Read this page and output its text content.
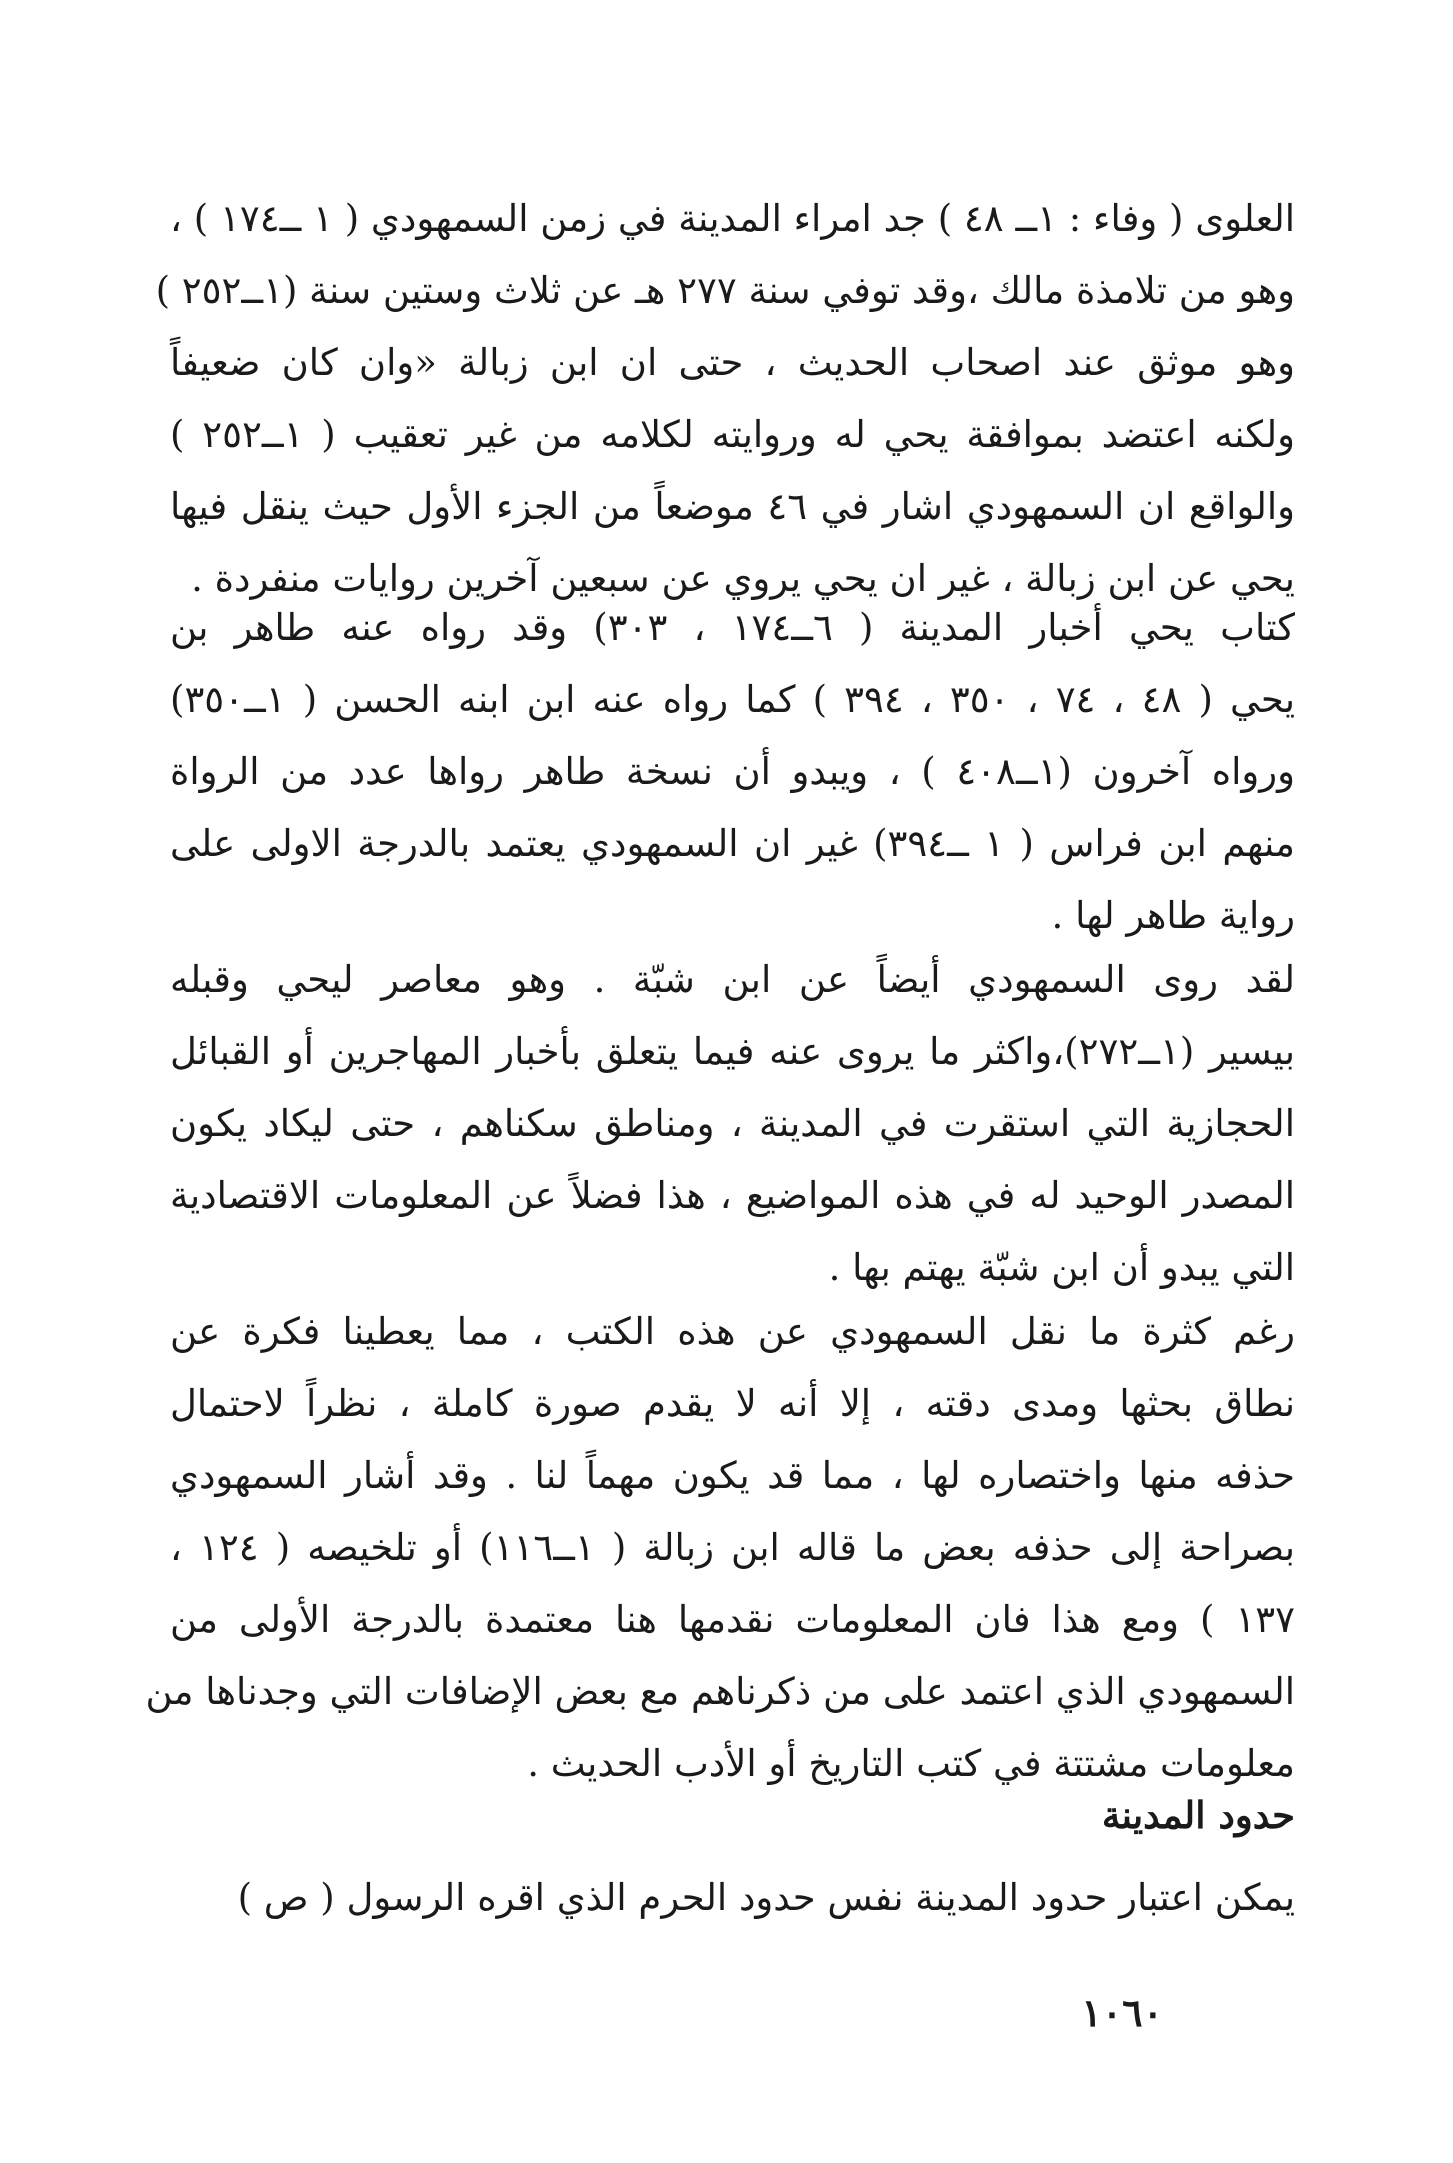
العلوى ( وفاء : ١ــ ٤٨ ) جد امراء المدينة في زمن السمهودي ( ١ ــ١٧٤ ) ،
وهو من تلامذة مالك ،وقد توفي سنة ٢٧٧ هـ عن ثلاث وستين سنة (١ــ٢٥٢ )
وهو موثق عند اصحاب الحديث ، حتى ان ابن زبالة «وان كان ضعيفاً
ولكنه اعتضد بموافقة يحي له وروايته لكلامه من غير تعقيب ( ١ــ٢٥٢ )
والواقع ان السمهودي اشار في ٤٦ موضعاً من الجزء الأول حيث ينقل فيها
يحي عن ابن زبالة ، غير ان يحي يروي عن سبعين آخرين روايات منفردة .
كتاب يحي أخبار المدينة ( ٦ــ١٧٤ ، ٣٠٣) وقد رواه عنه طاهر بن
يحي ( ٤٨ ، ٧٤ ، ٣٥٠ ، ٣٩٤ ) كما رواه عنه ابن ابنه الحسن ( ١ــ٣٥٠)
ورواه آخرون (١ــ٤٠٨ ) ، ويبدو أن نسخة طاهر رواها عدد من الرواة
منهم ابن فراس ( ١ ــ٣٩٤) غير ان السمهودي يعتمد بالدرجة الاولى على
رواية طاهر لها .
لقد روى السمهودي أيضاً عن ابن شبّة . وهو معاصر ليحي وقبله
بيسير (١ــ٢٧٢)،واكثر ما يروى عنه فيما يتعلق بأخبار المهاجرين أو القبائل
الحجازية التي استقرت في المدينة ، ومناطق سكناهم ، حتى ليكاد يكون
المصدر الوحيد له في هذه المواضيع ، هذا فضلاً عن المعلومات الاقتصادية
التي يبدو أن ابن شبّة يهتم بها .
رغم كثرة ما نقل السمهودي عن هذه الكتب ، مما يعطينا فكرة عن
نطاق بحثها ومدى دقته ، إلا أنه لا يقدم صورة كاملة ، نظراً لاحتمال
حذفه منها واختصاره لها ، مما قد يكون مهماً لنا . وقد أشار السمهودي
بصراحة إلى حذفه بعض ما قاله ابن زبالة ( ١ــ١١٦) أو تلخيصه ( ١٢٤ ،
١٣٧ ) ومع هذا فان المعلومات نقدمها هنا معتمدة بالدرجة الأولى من
السمهودي الذي اعتمد على من ذكرناهم مع بعض الإضافات التي وجدناها من
معلومات مشتتة في كتب التاريخ أو الأدب الحديث .
حدود المدينة
يمكن اعتبار حدود المدينة نفس حدود الحرم الذي اقره الرسول ( ص )
١٠٦٠
